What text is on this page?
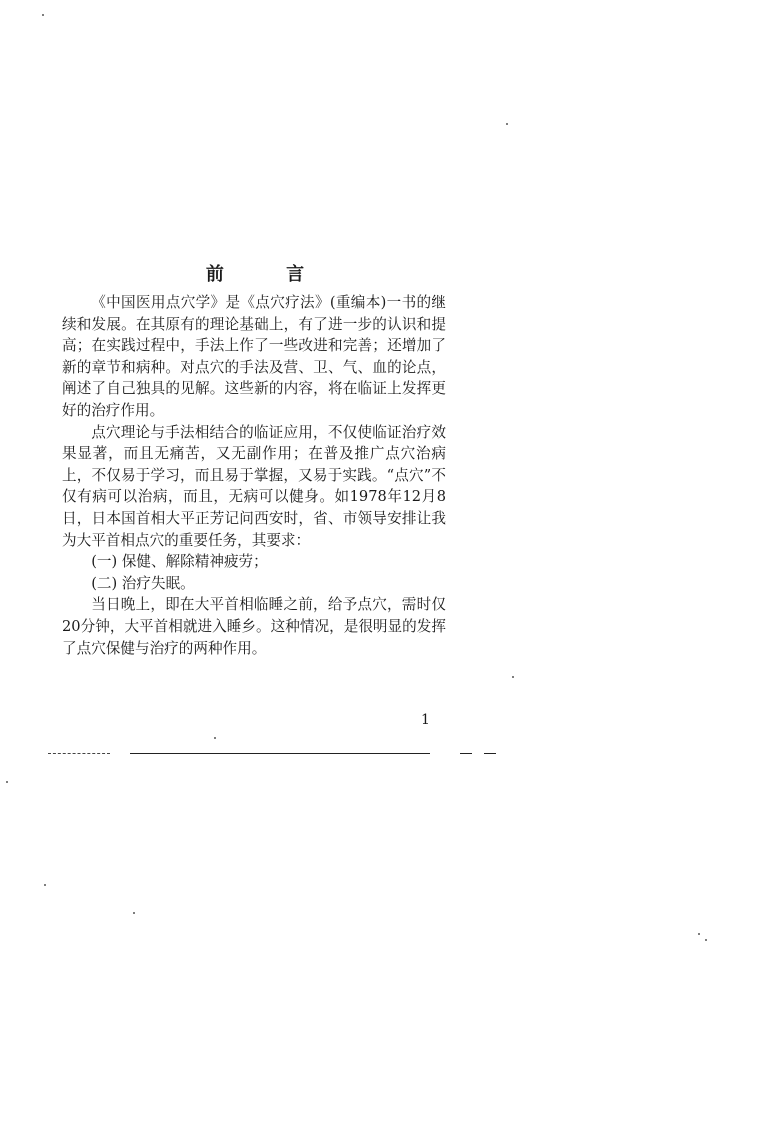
前 言

《中国医用点穴学》是《点穴疗法》(重编本)一书的继续和发展。在其原有的理论基础上，有了进一步的认识和提高；在实践过程中，手法上作了一些改进和完善；还增加了新的章节和病种。对点穴的手法及营、卫、气、血的论点，阐述了自己独具的见解。这些新的内容，将在临证上发挥更好的治疗作用。

点穴理论与手法相结合的临证应用，不仅使临证治疗效果显著，而且无痛苦，又无副作用；在普及推广点穴治病上，不仅易于学习，而且易于掌握，又易于实践。“点穴”不仅有病可以治病，而且，无病可以健身。如1978年12月8日，日本国首相大平正芳记问西安时，省、市领导安排让我为大平首相点穴的重要任务，其要求：

(一) 保健、解除精神疲劳；

(二) 治疗失眠。

当日晚上，即在大平首相临睡之前，给予点穴，需时仅20分钟，大平首相就进入睡乡。这种情况，是很明显的发挥了点穴保健与治疗的两种作用。

1
